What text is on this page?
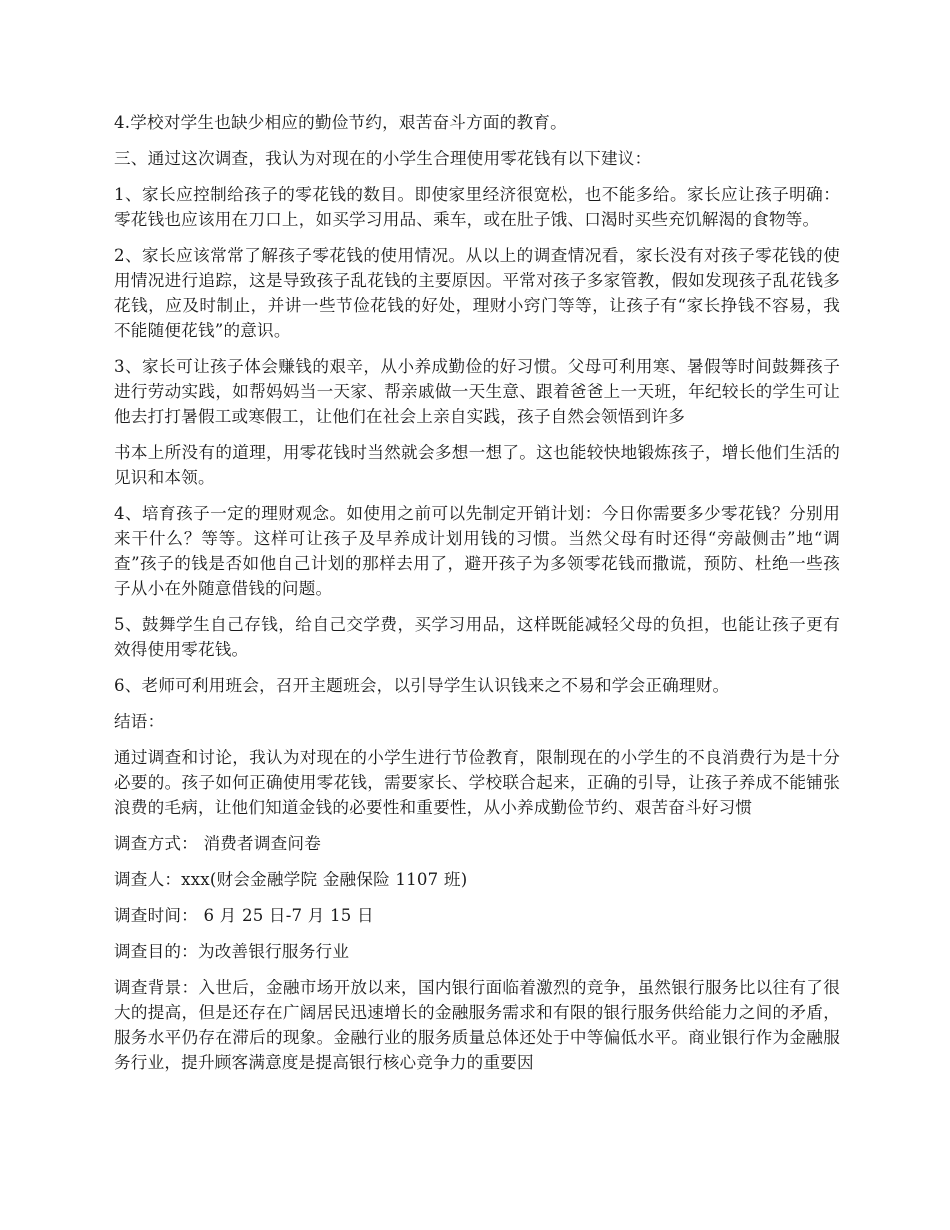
4.学校对学生也缺少相应的勤俭节约，艰苦奋斗方面的教育。

三、通过这次调查，我认为对现在的小学生合理使用零花钱有以下建议：

1、家长应控制给孩子的零花钱的数目。即使家里经济很宽松，也不能多给。家长应让孩子明确：零花钱也应该用在刀口上，如买学习用品、乘车，或在肚子饿、口渴时买些充饥解渴的食物等。

2、家长应该常常了解孩子零花钱的使用情况。从以上的调查情况看，家长没有对孩子零花钱的使用情况进行追踪，这是导致孩子乱花钱的主要原因。平常对孩子多家管教，假如发现孩子乱花钱多花钱，应及时制止，并讲一些节俭花钱的好处，理财小窍门等等，让孩子有“家长挣钱不容易，我不能随便花钱”的意识。

3、家长可让孩子体会赚钱的艰辛，从小养成勤俭的好习惯。父母可利用寒、暑假等时间鼓舞孩子进行劳动实践，如帮妈妈当一天家、帮亲戚做一天生意、跟着爸爸上一天班，年纪较长的学生可让他去打打暑假工或寒假工，让他们在社会上亲自实践，孩子自然会领悟到许多

书本上所没有的道理，用零花钱时当然就会多想一想了。这也能较快地锻炼孩子，增长他们生活的见识和本领。

4、培育孩子一定的理财观念。如使用之前可以先制定开销计划：今日你需要多少零花钱？分别用来干什么？等等。这样可让孩子及早养成计划用钱的习惯。当然父母有时还得“旁敲侧击”地“调查”孩子的钱是否如他自己计划的那样去用了，避开孩子为多领零花钱而撒谎，预防、杜绝一些孩子从小在外随意借钱的问题。

5、鼓舞学生自己存钱，给自己交学费，买学习用品，这样既能减轻父母的负担，也能让孩子更有效得使用零花钱。

6、老师可利用班会，召开主题班会，以引导学生认识钱来之不易和学会正确理财。

结语：

通过调查和讨论，我认为对现在的小学生进行节俭教育，限制现在的小学生的不良消费行为是十分必要的。孩子如何正确使用零花钱，需要家长、学校联合起来，正确的引导，让孩子养成不能铺张浪费的毛病，让他们知道金钱的必要性和重要性，从小养成勤俭节约、艰苦奋斗好习惯

调查方式： 消费者调查问卷

调查人：xxx(财会金融学院 金融保险 1107 班)

调查时间： 6 月 25 日-7 月 15 日

调查目的：为改善银行服务行业

调查背景：入世后，金融市场开放以来，国内银行面临着激烈的竞争，虽然银行服务比以往有了很大的提高，但是还存在广阔居民迅速增长的金融服务需求和有限的银行服务供给能力之间的矛盾，服务水平仍存在滞后的现象。金融行业的服务质量总体还处于中等偏低水平。商业银行作为金融服务行业，提升顾客满意度是提高银行核心竞争力的重要因
